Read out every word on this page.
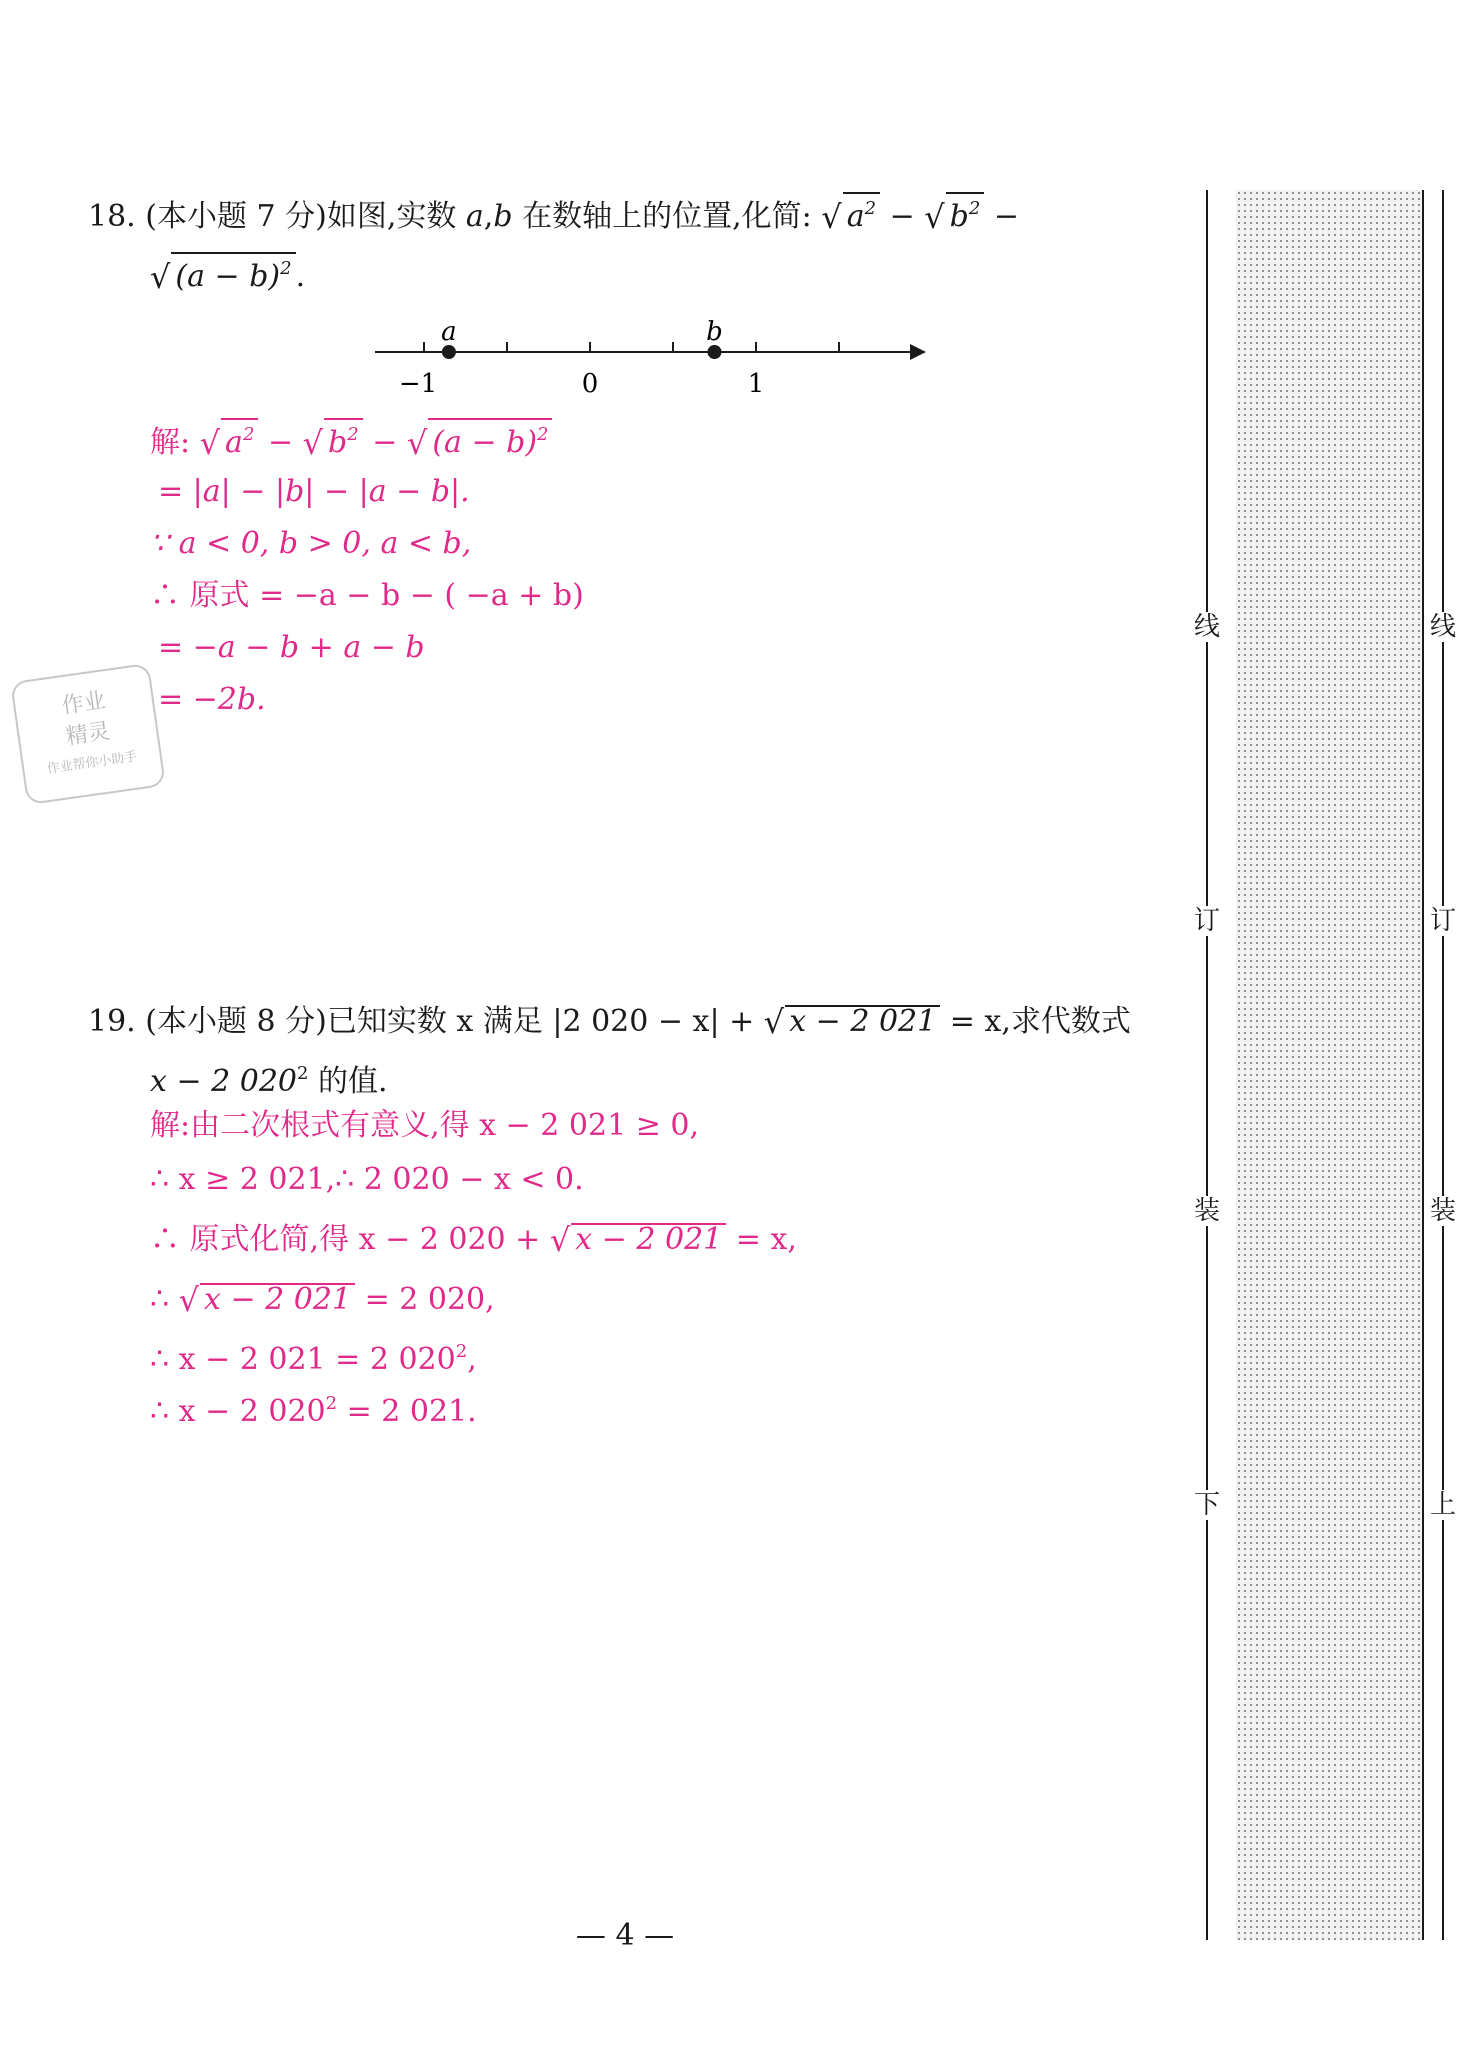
18. (本小题 7 分)如图,实数 a,b 在数轴上的位置,化简: √ $a^2$ − √ $b^2$ −
√ $(a - b)^2$ .
a	b
−1	0	1
解: √ $a^2$ − √ $b^2$ − √ $(a - b)^2$
= |a| − |b| − |a − b|.
∵ a < 0, b > 0, a < b,
∴ 原式 = −a − b − ( −a + b)
= −a − b + a − b
= −2b.
作业
精灵
作业帮你小助手
19. (本小题 8 分)已知实数 x 满足 |2 020 − x| + √ x − 2 021 = x,求代数式
x − 2 $020^2$ 的值.
解:由二次根式有意义,得 x − 2 021 ≥ 0,
∴ x ≥ 2 021,∴ 2 020 − x < 0.
∴ 原式化简,得 x − 2 020 + √ x − 2 021 = x,
∴ √ x − 2 021 = 2 020,
∴ x − 2 021 = 2 $020^2$,
∴ x − 2 $020^2 = 2$ 021.
线
订
装
下
线
订
装
上
— 4 —
